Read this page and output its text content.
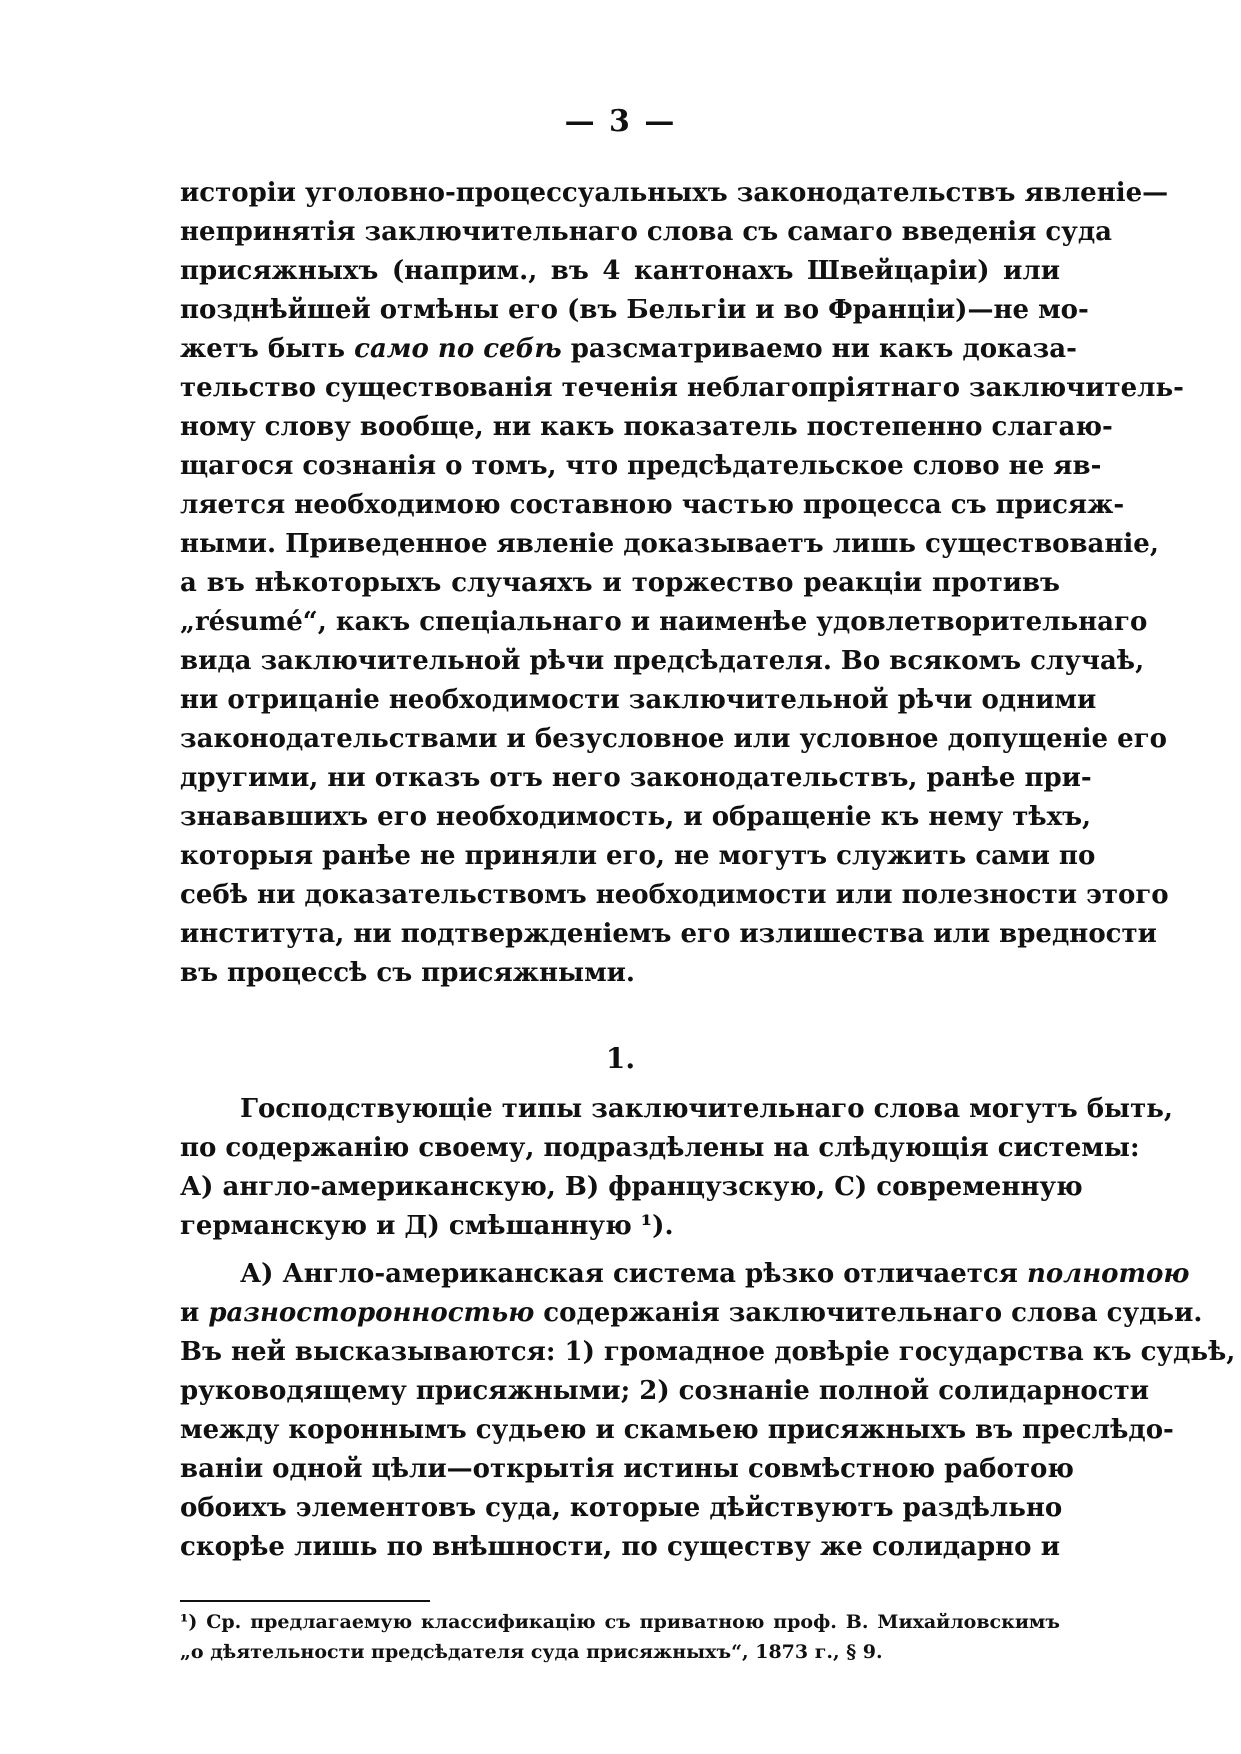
— 3 —
исторіи уголовно-процессуальныхъ законодательствъ явленіе—
непринятія заключительнаго слова съ самаго введенія суда
присяжныхъ (наприм., въ 4 кантонахъ Швейцаріи) или
позднѣйшей отмѣны его (въ Бельгіи и во Франціи)—не мо-
жетъ быть само по себѣ разсматриваемо ни какъ доказа-
тельство существованія теченія неблагопріятнаго заключитель-
ному слову вообще, ни какъ показатель постепенно слагаю-
щагося сознанія о томъ, что предсѣдательское слово не яв-
ляется необходимою составною частью процесса съ присяж-
ными. Приведенное явленіе доказываетъ лишь существованіе,
а въ нѣкоторыхъ случаяхъ и торжество реакціи противъ
„résumé“, какъ спеціальнаго и наименѣе удовлетворительнаго
вида заключительной рѣчи предсѣдателя. Во всякомъ случаѣ,
ни отрицаніе необходимости заключительной рѣчи одними
законодательствами и безусловное или условное допущеніе его
другими, ни отказъ отъ него законодательствъ, ранѣе при-
знававшихъ его необходимость, и обращеніе къ нему тѣхъ,
которыя ранѣе не приняли его, не могутъ служить сами по
себѣ ни доказательствомъ необходимости или полезности этого
института, ни подтвержденіемъ его излишества или вредности
въ процессѣ съ присяжными.
1.
Господствующіе типы заключительнаго слова могутъ быть,
по содержанію своему, подраздѣлены на слѣдующія системы:
А) англо-американскую, В) французскую, С) современную
германскую и Д) смѣшанную ¹).
А) Англо-американская система рѣзко отличается полнотою
и разносторонностью содержанія заключительнаго слова судьи.
Въ ней высказываются: 1) громадное довѣріе государства къ судьѣ,
руководящему присяжными; 2) сознаніе полной солидарности
между короннымъ судьею и скамьею присяжныхъ въ преслѣдо-
ваніи одной цѣли—открытія истины совмѣстною работою
обоихъ элементовъ суда, которые дѣйствуютъ раздѣльно
скорѣе лишь по внѣшности, по существу же солидарно и
¹) Ср. предлагаемую классификацію съ приватною проф. В. Михайловскимъ
„о дѣятельности предсѣдателя суда присяжныхъ“, 1873 г., § 9.
